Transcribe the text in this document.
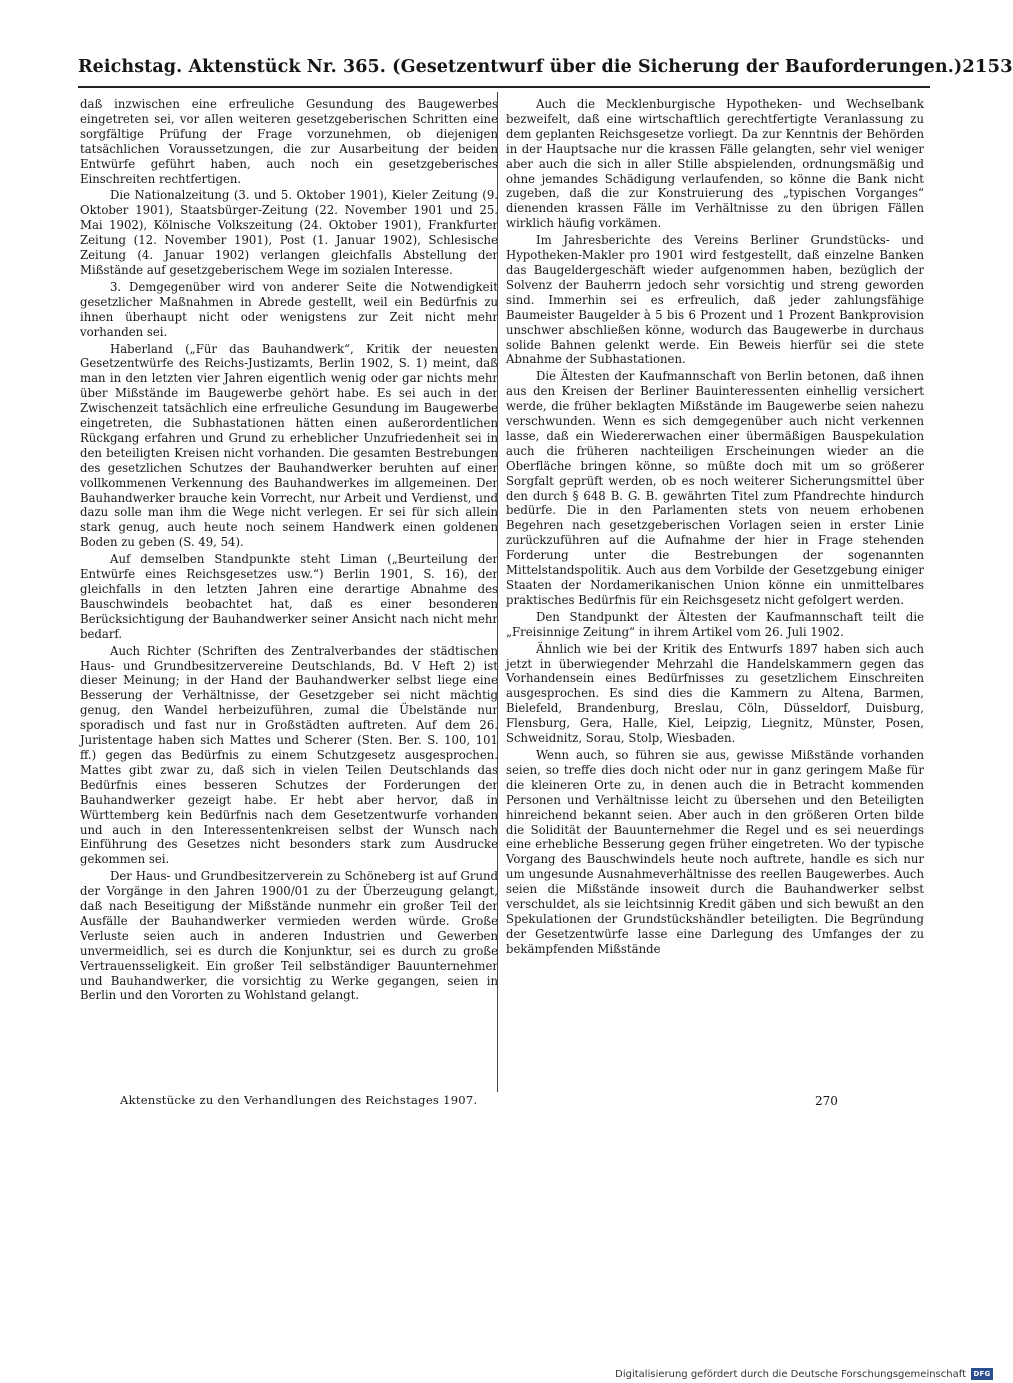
Reichstag. Aktenstück Nr. 365. (Gesetzentwurf über die Sicherung der Bauforderungen.) 2153

daß inzwischen eine erfreuliche Gesundung des Baugewerbes eingetreten sei, vor allen weiteren gesetzgeberischen Schritten eine sorgfältige Prüfung der Frage vorzunehmen, ob diejenigen tatsächlichen Voraussetzungen, die zur Ausarbeitung der beiden Entwürfe geführt haben, auch noch ein gesetzgeberisches Einschreiten rechtfertigen.

Die Nationalzeitung (3. und 5. Oktober 1901), Kieler Zeitung (9. Oktober 1901), Staatsbürger-Zeitung (22. November 1901 und 25. Mai 1902), Kölnische Volkszeitung (24. Oktober 1901), Frankfurter Zeitung (12. November 1901), Post (1. Januar 1902), Schlesische Zeitung (4. Januar 1902) verlangen gleichfalls Abstellung der Mißstände auf gesetzgeberischem Wege im sozialen Interesse.

3. Demgegenüber wird von anderer Seite die Notwendigkeit gesetzlicher Maßnahmen in Abrede gestellt, weil ein Bedürfnis zu ihnen überhaupt nicht oder wenigstens zur Zeit nicht mehr vorhanden sei.

Haberland („Für das Bauhandwerk“, Kritik der neuesten Gesetzentwürfe des Reichs-Justizamts, Berlin 1902, S. 1) meint, daß man in den letzten vier Jahren eigentlich wenig oder gar nichts mehr über Mißstände im Baugewerbe gehört habe. Es sei auch in der Zwischenzeit tatsächlich eine erfreuliche Gesundung im Baugewerbe eingetreten, die Subhastationen hätten einen außerordentlichen Rückgang erfahren und Grund zu erheblicher Unzufriedenheit sei in den beteiligten Kreisen nicht vorhanden. Die gesamten Bestrebungen des gesetzlichen Schutzes der Bauhandwerker beruhten auf einer vollkommenen Verkennung des Bauhandwerkes im allgemeinen. Der Bauhandwerker brauche kein Vorrecht, nur Arbeit und Verdienst, und dazu solle man ihm die Wege nicht verlegen. Er sei für sich allein stark genug, auch heute noch seinem Handwerk einen goldenen Boden zu geben (S. 49, 54).

Auf demselben Standpunkte steht Liman („Beurteilung der Entwürfe eines Reichsgesetzes usw.“) Berlin 1901, S. 16), der gleichfalls in den letzten Jahren eine derartige Abnahme des Bauschwindels beobachtet hat, daß es einer besonderen Berücksichtigung der Bauhandwerker seiner Ansicht nach nicht mehr bedarf.

Auch Richter (Schriften des Zentralverbandes der städtischen Haus- und Grundbesitzervereine Deutschlands, Bd. V Heft 2) ist dieser Meinung; in der Hand der Bauhandwerker selbst liege eine Besserung der Verhältnisse, der Gesetzgeber sei nicht mächtig genug, den Wandel herbeizuführen, zumal die Übelstände nur sporadisch und fast nur in Großstädten auftreten. Auf dem 26. Juristentage haben sich Mattes und Scherer (Sten. Ber. S. 100, 101 ff.) gegen das Bedürfnis zu einem Schutzgesetz ausgesprochen. Mattes gibt zwar zu, daß sich in vielen Teilen Deutschlands das Bedürfnis eines besseren Schutzes der Forderungen der Bauhandwerker gezeigt habe. Er hebt aber hervor, daß in Württemberg kein Bedürfnis nach dem Gesetzentwurfe vorhanden und auch in den Interessentenkreisen selbst der Wunsch nach Einführung des Gesetzes nicht besonders stark zum Ausdrucke gekommen sei.

Der Haus- und Grundbesitzerverein zu Schöneberg ist auf Grund der Vorgänge in den Jahren 1900/01 zu der Überzeugung gelangt, daß nach Beseitigung der Mißstände nunmehr ein großer Teil der Ausfälle der Bauhandwerker vermieden werden würde. Große Verluste seien auch in anderen Industrien und Gewerben unvermeidlich, sei es durch die Konjunktur, sei es durch zu große Vertrauensseligkeit. Ein großer Teil selbständiger Bauunternehmer und Bauhandwerker, die vorsichtig zu Werke gegangen, seien in Berlin und den Vororten zu Wohlstand gelangt.

Auch die Mecklenburgische Hypotheken- und Wechselbank bezweifelt, daß eine wirtschaftlich gerechtfertigte Veranlassung zu dem geplanten Reichsgesetze vorliegt. Da zur Kenntnis der Behörden in der Hauptsache nur die krassen Fälle gelangten, sehr viel weniger aber auch die sich in aller Stille abspielenden, ordnungsmäßig und ohne jemandes Schädigung verlaufenden, so könne die Bank nicht zugeben, daß die zur Konstruierung des „typischen Vorganges“ dienenden krassen Fälle im Verhältnisse zu den übrigen Fällen wirklich häufig vorkämen.

Im Jahresberichte des Vereins Berliner Grundstücks- und Hypotheken-Makler pro 1901 wird festgestellt, daß einzelne Banken das Baugeldergeschäft wieder aufgenommen haben, bezüglich der Solvenz der Bauherrn jedoch sehr vorsichtig und streng geworden sind. Immerhin sei es erfreulich, daß jeder zahlungsfähige Baumeister Baugelder à 5 bis 6 Prozent und 1 Prozent Bankprovision unschwer abschließen könne, wodurch das Baugewerbe in durchaus solide Bahnen gelenkt werde. Ein Beweis hierfür sei die stete Abnahme der Subhastationen.

Die Ältesten der Kaufmannschaft von Berlin betonen, daß ihnen aus den Kreisen der Berliner Bauinteressenten einhellig versichert werde, die früher beklagten Mißstände im Baugewerbe seien nahezu verschwunden. Wenn es sich demgegenüber auch nicht verkennen lasse, daß ein Wiedererwachen einer übermäßigen Bauspekulation auch die früheren nachteiligen Erscheinungen wieder an die Oberfläche bringen könne, so müßte doch mit um so größerer Sorgfalt geprüft werden, ob es noch weiterer Sicherungsmittel über den durch § 648 B. G. B. gewährten Titel zum Pfandrechte hindurch bedürfe. Die in den Parlamenten stets von neuem erhobenen Begehren nach gesetzgeberischen Vorlagen seien in erster Linie zurückzuführen auf die Aufnahme der hier in Frage stehenden Forderung unter die Bestrebungen der sogenannten Mittelstandspolitik. Auch aus dem Vorbilde der Gesetzgebung einiger Staaten der Nordamerikanischen Union könne ein unmittelbares praktisches Bedürfnis für ein Reichsgesetz nicht gefolgert werden.

Den Standpunkt der Ältesten der Kaufmannschaft teilt die „Freisinnige Zeitung“ in ihrem Artikel vom 26. Juli 1902.

Ähnlich wie bei der Kritik des Entwurfs 1897 haben sich auch jetzt in überwiegender Mehrzahl die Handelskammern gegen das Vorhandensein eines Bedürfnisses zu gesetzlichem Einschreiten ausgesprochen. Es sind dies die Kammern zu Altena, Barmen, Bielefeld, Brandenburg, Breslau, Cöln, Düsseldorf, Duisburg, Flensburg, Gera, Halle, Kiel, Leipzig, Liegnitz, Münster, Posen, Schweidnitz, Sorau, Stolp, Wiesbaden.

Wenn auch, so führen sie aus, gewisse Mißstände vorhanden seien, so treffe dies doch nicht oder nur in ganz geringem Maße für die kleineren Orte zu, in denen auch die in Betracht kommenden Personen und Verhältnisse leicht zu übersehen und den Beteiligten hinreichend bekannt seien. Aber auch in den größeren Orten bilde die Solidität der Bauunternehmer die Regel und es sei neuerdings eine erhebliche Besserung gegen früher eingetreten. Wo der typische Vorgang des Bauschwindels heute noch auftrete, handle es sich nur um ungesunde Ausnahmeverhältnisse des reellen Baugewerbes. Auch seien die Mißstände insoweit durch die Bauhandwerker selbst verschuldet, als sie leichtsinnig Kredit gäben und sich bewußt an den Spekulationen der Grundstückshändler beteiligten. Die Begründung der Gesetzentwürfe lasse eine Darlegung des Umfanges der zu bekämpfenden Mißstände

Aktenstücke zu den Verhandlungen des Reichstages 1907.	270
Digitalisierung gefördert durch die Deutsche Forschungsgemeinschaft	DFG
